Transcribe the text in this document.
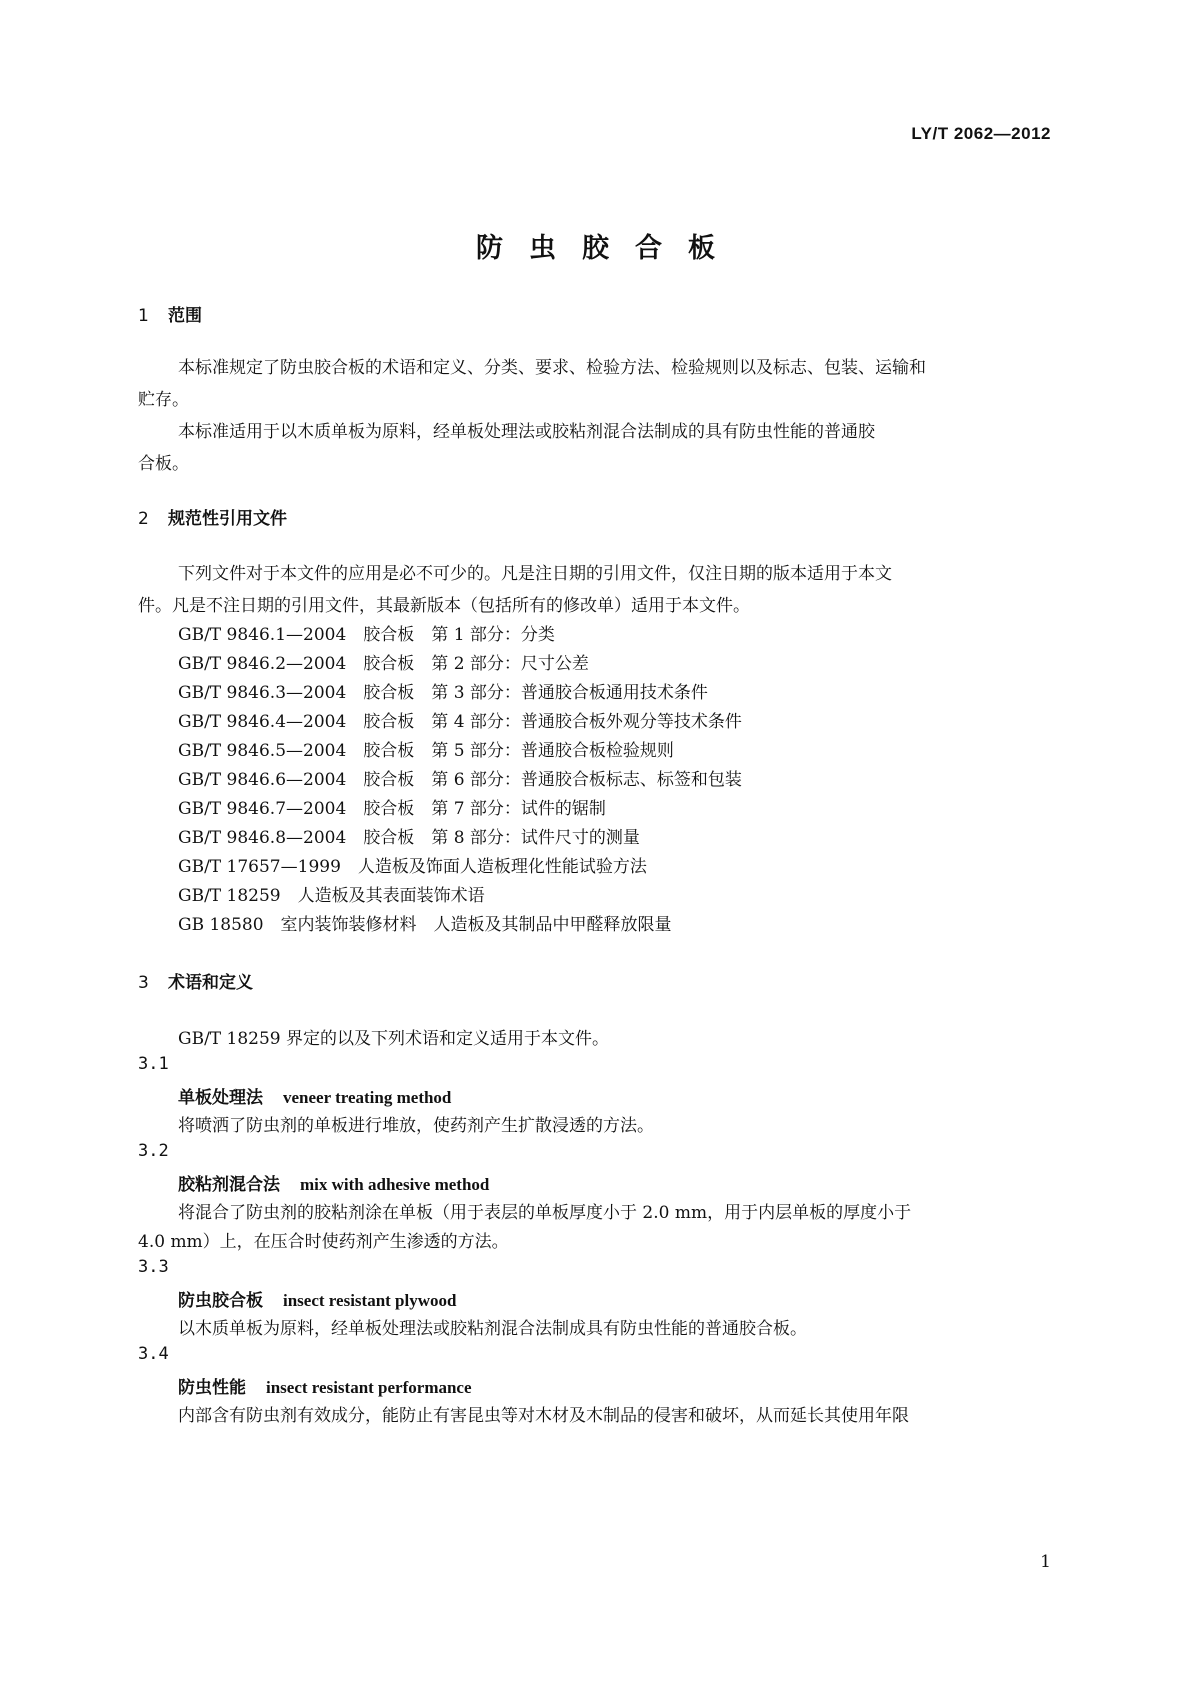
LY/T 2062—2012
防虫胶合板
1 范围
本标准规定了防虫胶合板的术语和定义、分类、要求、检验方法、检验规则以及标志、包装、运输和
贮存。
本标准适用于以木质单板为原料，经单板处理法或胶粘剂混合法制成的具有防虫性能的普通胶
合板。
2 规范性引用文件
下列文件对于本文件的应用是必不可少的。凡是注日期的引用文件，仅注日期的版本适用于本文
件。凡是不注日期的引用文件，其最新版本（包括所有的修改单）适用于本文件。
GB/T 9846.1—2004　胶合板　第 1 部分：分类
GB/T 9846.2—2004　胶合板　第 2 部分：尺寸公差
GB/T 9846.3—2004　胶合板　第 3 部分：普通胶合板通用技术条件
GB/T 9846.4—2004　胶合板　第 4 部分：普通胶合板外观分等技术条件
GB/T 9846.5—2004　胶合板　第 5 部分：普通胶合板检验规则
GB/T 9846.6—2004　胶合板　第 6 部分：普通胶合板标志、标签和包装
GB/T 9846.7—2004　胶合板　第 7 部分：试件的锯制
GB/T 9846.8—2004　胶合板　第 8 部分：试件尺寸的测量
GB/T 17657—1999　人造板及饰面人造板理化性能试验方法
GB/T 18259　人造板及其表面装饰术语
GB 18580　室内装饰装修材料　人造板及其制品中甲醛释放限量
3 术语和定义
GB/T 18259 界定的以及下列术语和定义适用于本文件。
3.1
单板处理法 veneer treating method
将喷洒了防虫剂的单板进行堆放，使药剂产生扩散浸透的方法。
3.2
胶粘剂混合法 mix with adhesive method
将混合了防虫剂的胶粘剂涂在单板（用于表层的单板厚度小于 2.0 mm，用于内层单板的厚度小于
4.0 mm）上，在压合时使药剂产生渗透的方法。
3.3
防虫胶合板 insect resistant plywood
以木质单板为原料，经单板处理法或胶粘剂混合法制成具有防虫性能的普通胶合板。
3.4
防虫性能 insect resistant performance
内部含有防虫剂有效成分，能防止有害昆虫等对木材及木制品的侵害和破坏，从而延长其使用年限
1
